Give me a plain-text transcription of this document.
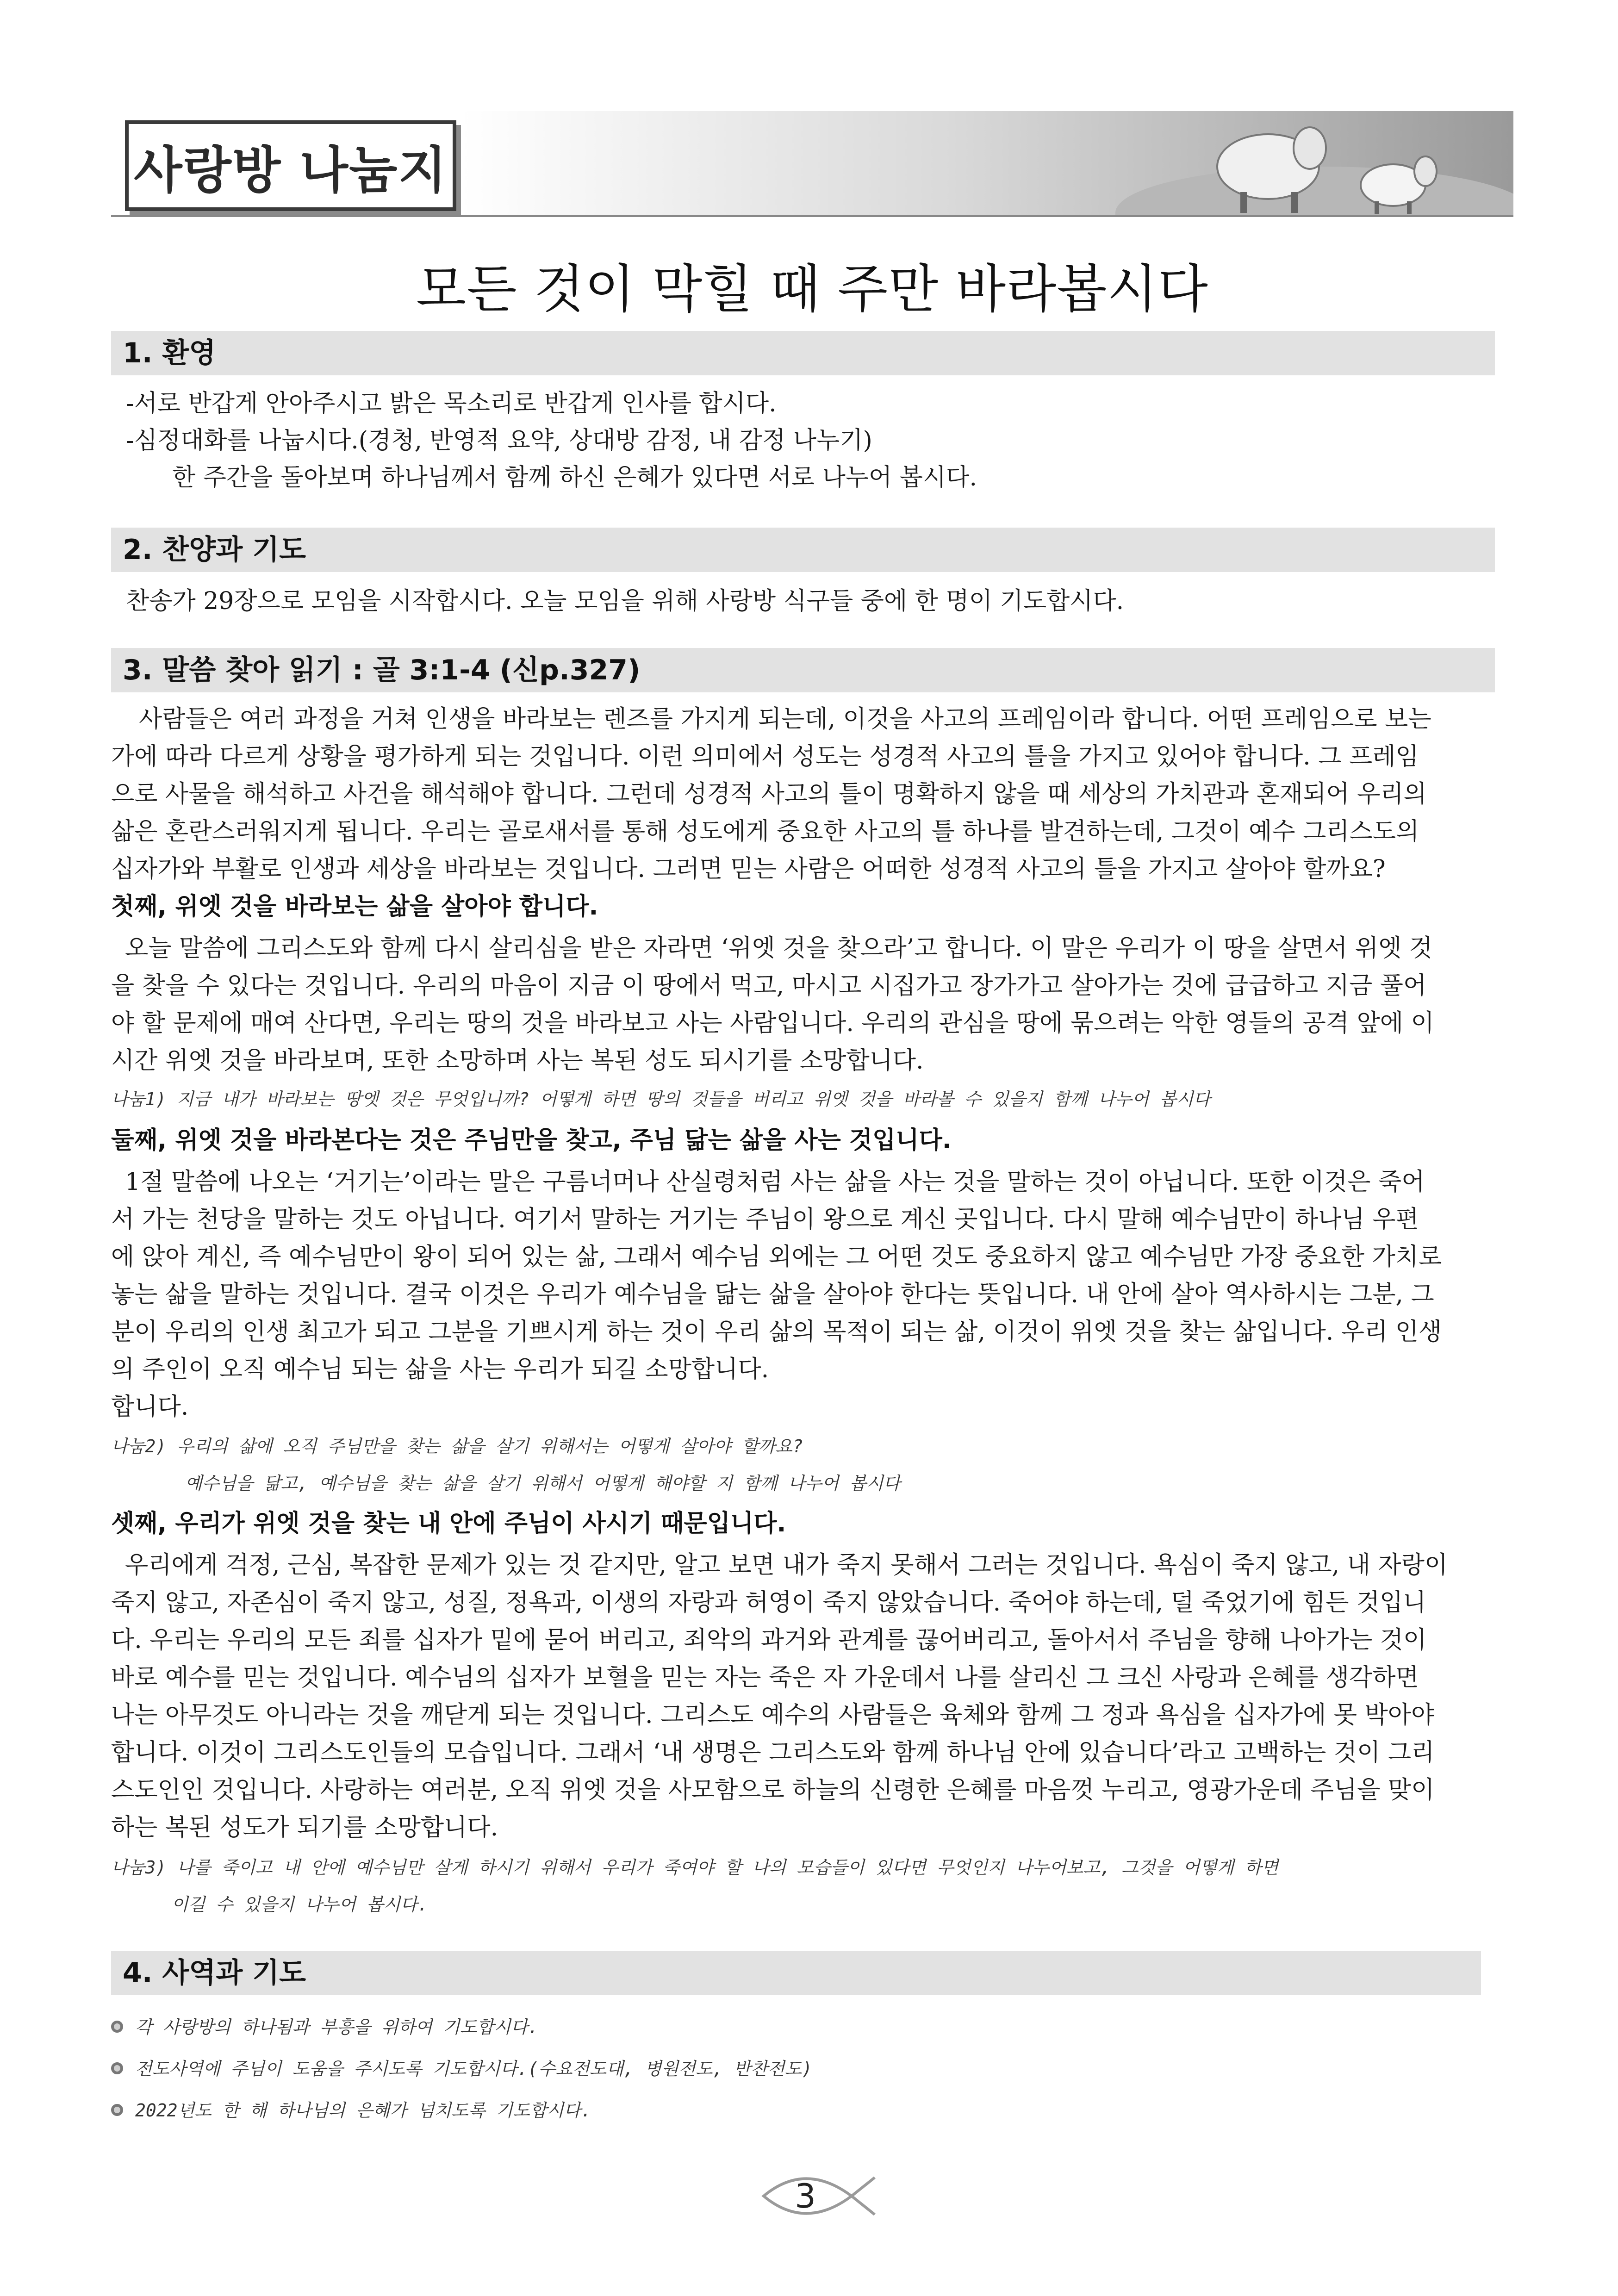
사랑방 나눔지
모든 것이 막힐 때 주만 바라봅시다
1. 환영
-서로 반갑게 안아주시고 밝은 목소리로 반갑게 인사를 합시다.
-심정대화를 나눕시다.(경청, 반영적 요약, 상대방 감정, 내 감정 나누기)
한 주간을 돌아보며 하나님께서 함께 하신 은혜가 있다면 서로 나누어 봅시다.
2. 찬양과 기도
찬송가 29장으로 모임을 시작합시다. 오늘 모임을 위해 사랑방 식구들 중에 한 명이 기도합시다.
3. 말씀 찾아 읽기 : 골 3:1-4 (신p.327)
사람들은 여러 과정을 거쳐 인생을 바라보는 렌즈를 가지게 되는데, 이것을 사고의 프레임이라 합니다. 어떤 프레임으로 보는
가에 따라 다르게 상황을 평가하게 되는 것입니다. 이런 의미에서 성도는 성경적 사고의 틀을 가지고 있어야 합니다. 그 프레임
으로 사물을 해석하고 사건을 해석해야 합니다. 그런데 성경적 사고의 틀이 명확하지 않을 때 세상의 가치관과 혼재되어 우리의
삶은 혼란스러워지게 됩니다. 우리는 골로새서를 통해 성도에게 중요한 사고의 틀 하나를 발견하는데, 그것이 예수 그리스도의
십자가와 부활로 인생과 세상을 바라보는 것입니다. 그러면 믿는 사람은 어떠한 성경적 사고의 틀을 가지고 살아야 할까요?
첫째, 위엣 것을 바라보는 삶을 살아야 합니다.
오늘 말씀에 그리스도와 함께 다시 살리심을 받은 자라면 ‘위엣 것을 찾으라’고 합니다. 이 말은 우리가 이 땅을 살면서 위엣 것
을 찾을 수 있다는 것입니다. 우리의 마음이 지금 이 땅에서 먹고, 마시고 시집가고 장가가고 살아가는 것에 급급하고 지금 풀어
야 할 문제에 매여 산다면, 우리는 땅의 것을 바라보고 사는 사람입니다. 우리의 관심을 땅에 묶으려는 악한 영들의 공격 앞에 이
시간 위엣 것을 바라보며, 또한 소망하며 사는 복된 성도 되시기를 소망합니다.
나눔1) 지금 내가 바라보는 땅엣 것은 무엇입니까? 어떻게 하면 땅의 것들을 버리고 위엣 것을 바라볼 수 있을지 함께 나누어 봅시다
둘째, 위엣 것을 바라본다는 것은 주님만을 찾고, 주님 닮는 삶을 사는 것입니다.
1절 말씀에 나오는 ‘거기는’이라는 말은 구름너머나 산실령처럼 사는 삶을 사는 것을 말하는 것이 아닙니다. 또한 이것은 죽어
서 가는 천당을 말하는 것도 아닙니다. 여기서 말하는 거기는 주님이 왕으로 계신 곳입니다. 다시 말해 예수님만이 하나님 우편
에 앉아 계신, 즉 예수님만이 왕이 되어 있는 삶, 그래서 예수님 외에는 그 어떤 것도 중요하지 않고 예수님만 가장 중요한 가치로
놓는 삶을 말하는 것입니다. 결국 이것은 우리가 예수님을 닮는 삶을 살아야 한다는 뜻입니다. 내 안에 살아 역사하시는 그분, 그
분이 우리의 인생 최고가 되고 그분을 기쁘시게 하는 것이 우리 삶의 목적이 되는 삶, 이것이 위엣 것을 찾는 삶입니다. 우리 인생
의 주인이 오직 예수님 되는 삶을 사는 우리가 되길 소망합니다.
합니다.
나눔2) 우리의 삶에 오직 주님만을 찾는 삶을 살기 위해서는 어떻게 살아야 할까요?
예수님을 닮고, 예수님을 찾는 삶을 살기 위해서 어떻게 해야할 지 함께 나누어 봅시다
셋째, 우리가 위엣 것을 찾는 내 안에 주님이 사시기 때문입니다.
우리에게 걱정, 근심, 복잡한 문제가 있는 것 같지만, 알고 보면 내가 죽지 못해서 그러는 것입니다. 욕심이 죽지 않고, 내 자랑이
죽지 않고, 자존심이 죽지 않고, 성질, 정욕과, 이생의 자랑과 허영이 죽지 않았습니다. 죽어야 하는데, 덜 죽었기에 힘든 것입니
다. 우리는 우리의 모든 죄를 십자가 밑에 묻어 버리고, 죄악의 과거와 관계를 끊어버리고, 돌아서서 주님을 향해 나아가는 것이
바로 예수를 믿는 것입니다. 예수님의 십자가 보혈을 믿는 자는 죽은 자 가운데서 나를 살리신 그 크신 사랑과 은혜를 생각하면
나는 아무것도 아니라는 것을 깨닫게 되는 것입니다. 그리스도 예수의 사람들은 육체와 함께 그 정과 욕심을 십자가에 못 박아야
합니다. 이것이 그리스도인들의 모습입니다. 그래서 ‘내 생명은 그리스도와 함께 하나님 안에 있습니다’라고 고백하는 것이 그리
스도인인 것입니다. 사랑하는 여러분, 오직 위엣 것을 사모함으로 하늘의 신령한 은혜를 마음껏 누리고, 영광가운데 주님을 맞이
하는 복된 성도가 되기를 소망합니다.
나눔3) 나를 죽이고 내 안에 예수님만 살게 하시기 위해서 우리가 죽여야 할 나의 모습들이 있다면 무엇인지 나누어보고, 그것을 어떻게 하면
이길 수 있을지 나누어 봅시다.
4. 사역과 기도
각 사랑방의 하나됨과 부흥을 위하여 기도합시다.
전도사역에 주님이 도움을 주시도록 기도합시다.(수요전도대, 병원전도, 반찬전도)
2022년도 한 해 하나님의 은혜가 넘치도록 기도합시다.
3
